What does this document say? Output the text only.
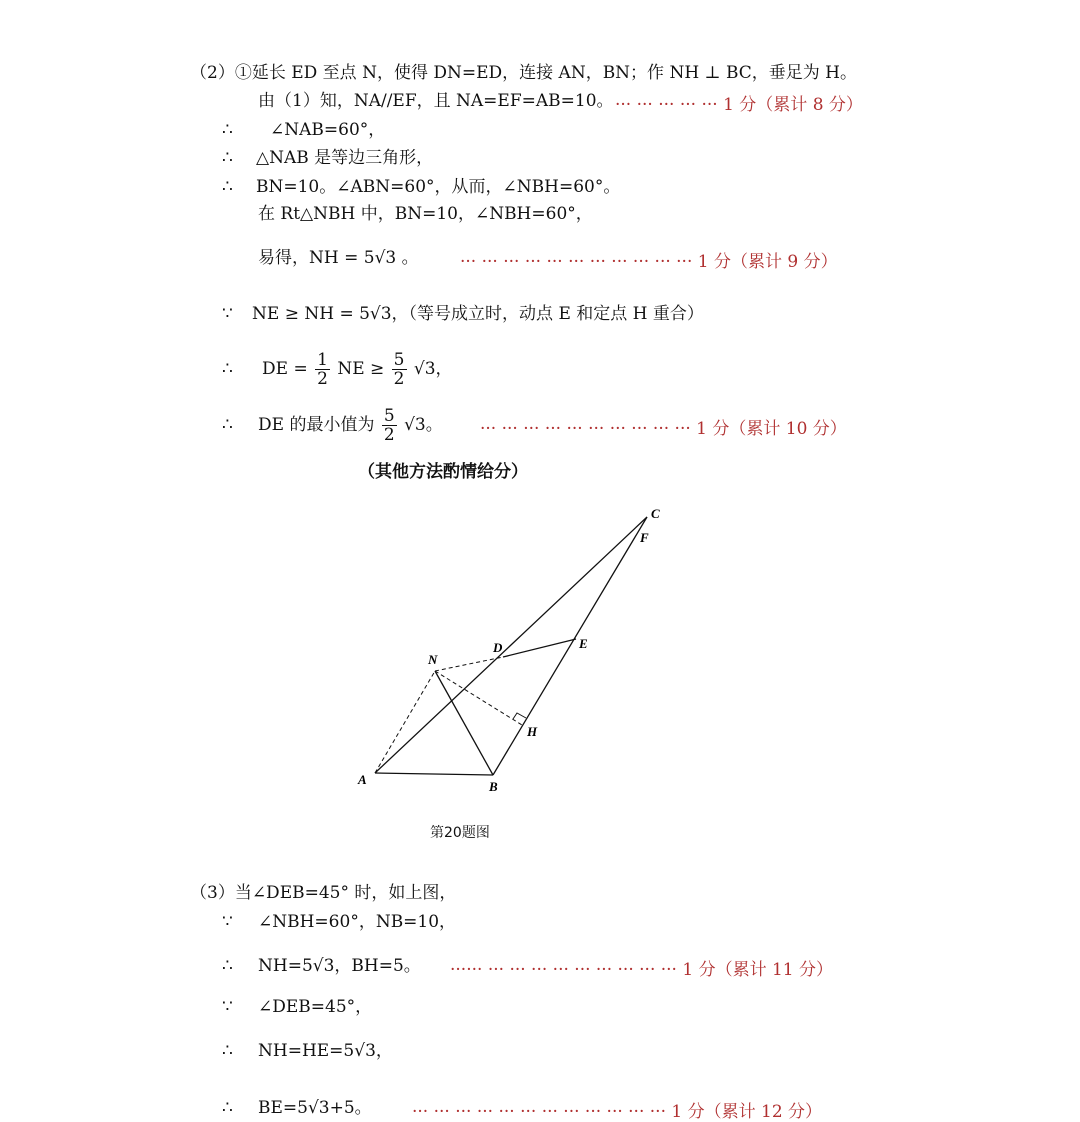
（2）①延长 ED 至点 N，使得 DN=ED，连接 AN，BN；作 NH ⊥ BC，垂足为 H。
由（1）知，NA//EF，且 NA=EF=AB=10。 ··· ··· ··· ··· ··· 1 分（累计 8 分）
∴ ∠NAB=60°，
∴ △NAB 是等边三角形，
∴ BN=10。∠ABN=60°，从而，∠NBH=60°。
在 Rt△NBH 中，BN=10，∠NBH=60°，
易得，NH = 5√3 。 ··· ··· ··· ··· ··· ··· ··· ··· ··· ··· ··· 1 分（累计 9 分）
∵ NE ≥ NH = 5√3，（等号成立时，动点 E 和定点 H 重合）
∴ DE = $\frac{1}{2}$ NE ≥ $\frac{5}{2} √3$，
∴ DE 的最小值为 $\frac{5}{2} √3$。 ··· ··· ··· ··· ··· ··· ··· ··· ··· ··· 1 分（累计 10 分）
（其他方法酌情给分）
C
F
D	E
N
H
A	B
第20题图
（3）当∠DEB=45° 时，如上图，
∵ ∠NBH=60°，NB=10，
∴ NH=5√3，BH=5。 ······ ··· ··· ··· ··· ··· ··· ··· ··· ··· 1 分（累计 11 分）
∵ ∠DEB=45°，
∴ NH=HE=5√3，
∴ BE=5√3+5。 ··· ··· ··· ··· ··· ··· ··· ··· ··· ··· ··· ··· 1 分（累计 12 分）
